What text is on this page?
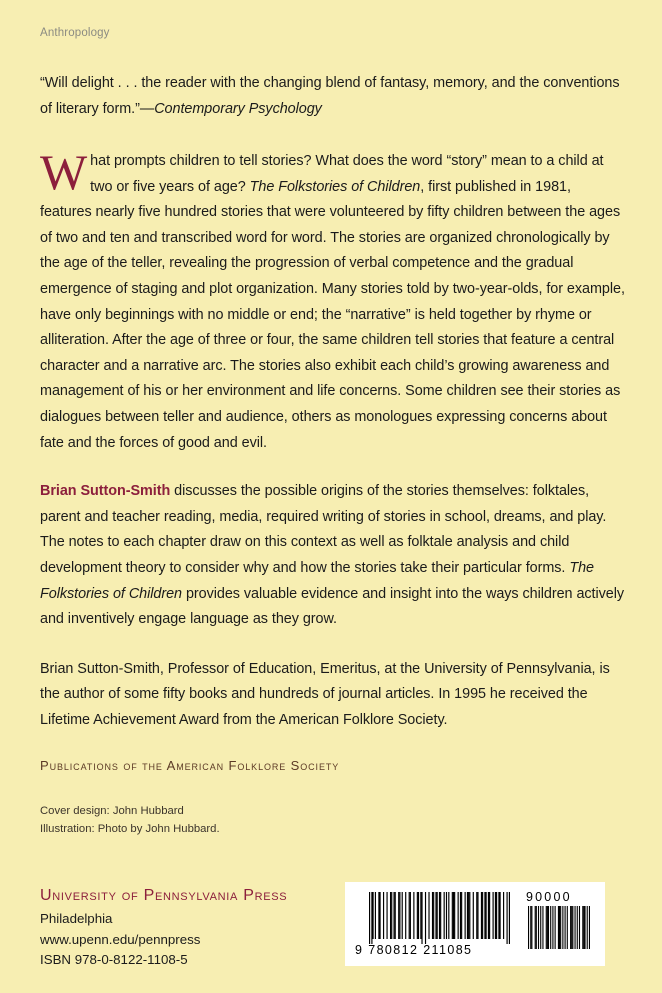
Anthropology
“Will delight . . . the reader with the changing blend of fantasy, memory, and the conventions of literary form.”—Contemporary Psychology
What prompts children to tell stories? What does the word “story” mean to a child at two or five years of age? The Folkstories of Children, first published in 1981, features nearly five hundred stories that were volunteered by fifty children between the ages of two and ten and transcribed word for word. The stories are organized chronologically by the age of the teller, revealing the progression of verbal competence and the gradual emergence of staging and plot organization. Many stories told by two-year-olds, for example, have only beginnings with no middle or end; the “narrative” is held together by rhyme or alliteration. After the age of three or four, the same children tell stories that feature a central character and a narrative arc. The stories also exhibit each child’s growing awareness and management of his or her environment and life concerns. Some children see their stories as dialogues between teller and audience, others as monologues expressing concerns about fate and the forces of good and evil.
Brian Sutton-Smith discusses the possible origins of the stories themselves: folktales, parent and teacher reading, media, required writing of stories in school, dreams, and play. The notes to each chapter draw on this context as well as folktale analysis and child development theory to consider why and how the stories take their particular forms. The Folkstories of Children provides valuable evidence and insight into the ways children actively and inventively engage language as they grow.
Brian Sutton-Smith, Professor of Education, Emeritus, at the University of Pennsylvania, is the author of some fifty books and hundreds of journal articles. In 1995 he received the Lifetime Achievement Award from the American Folklore Society.
Publications of the American Folklore Society
Cover design: John Hubbard
Illustration: Photo by John Hubbard.
University of Pennsylvania Press
Philadelphia
www.upenn.edu/pennpress
ISBN 978-0-8122-1108-5
9 780812 211085
90000
